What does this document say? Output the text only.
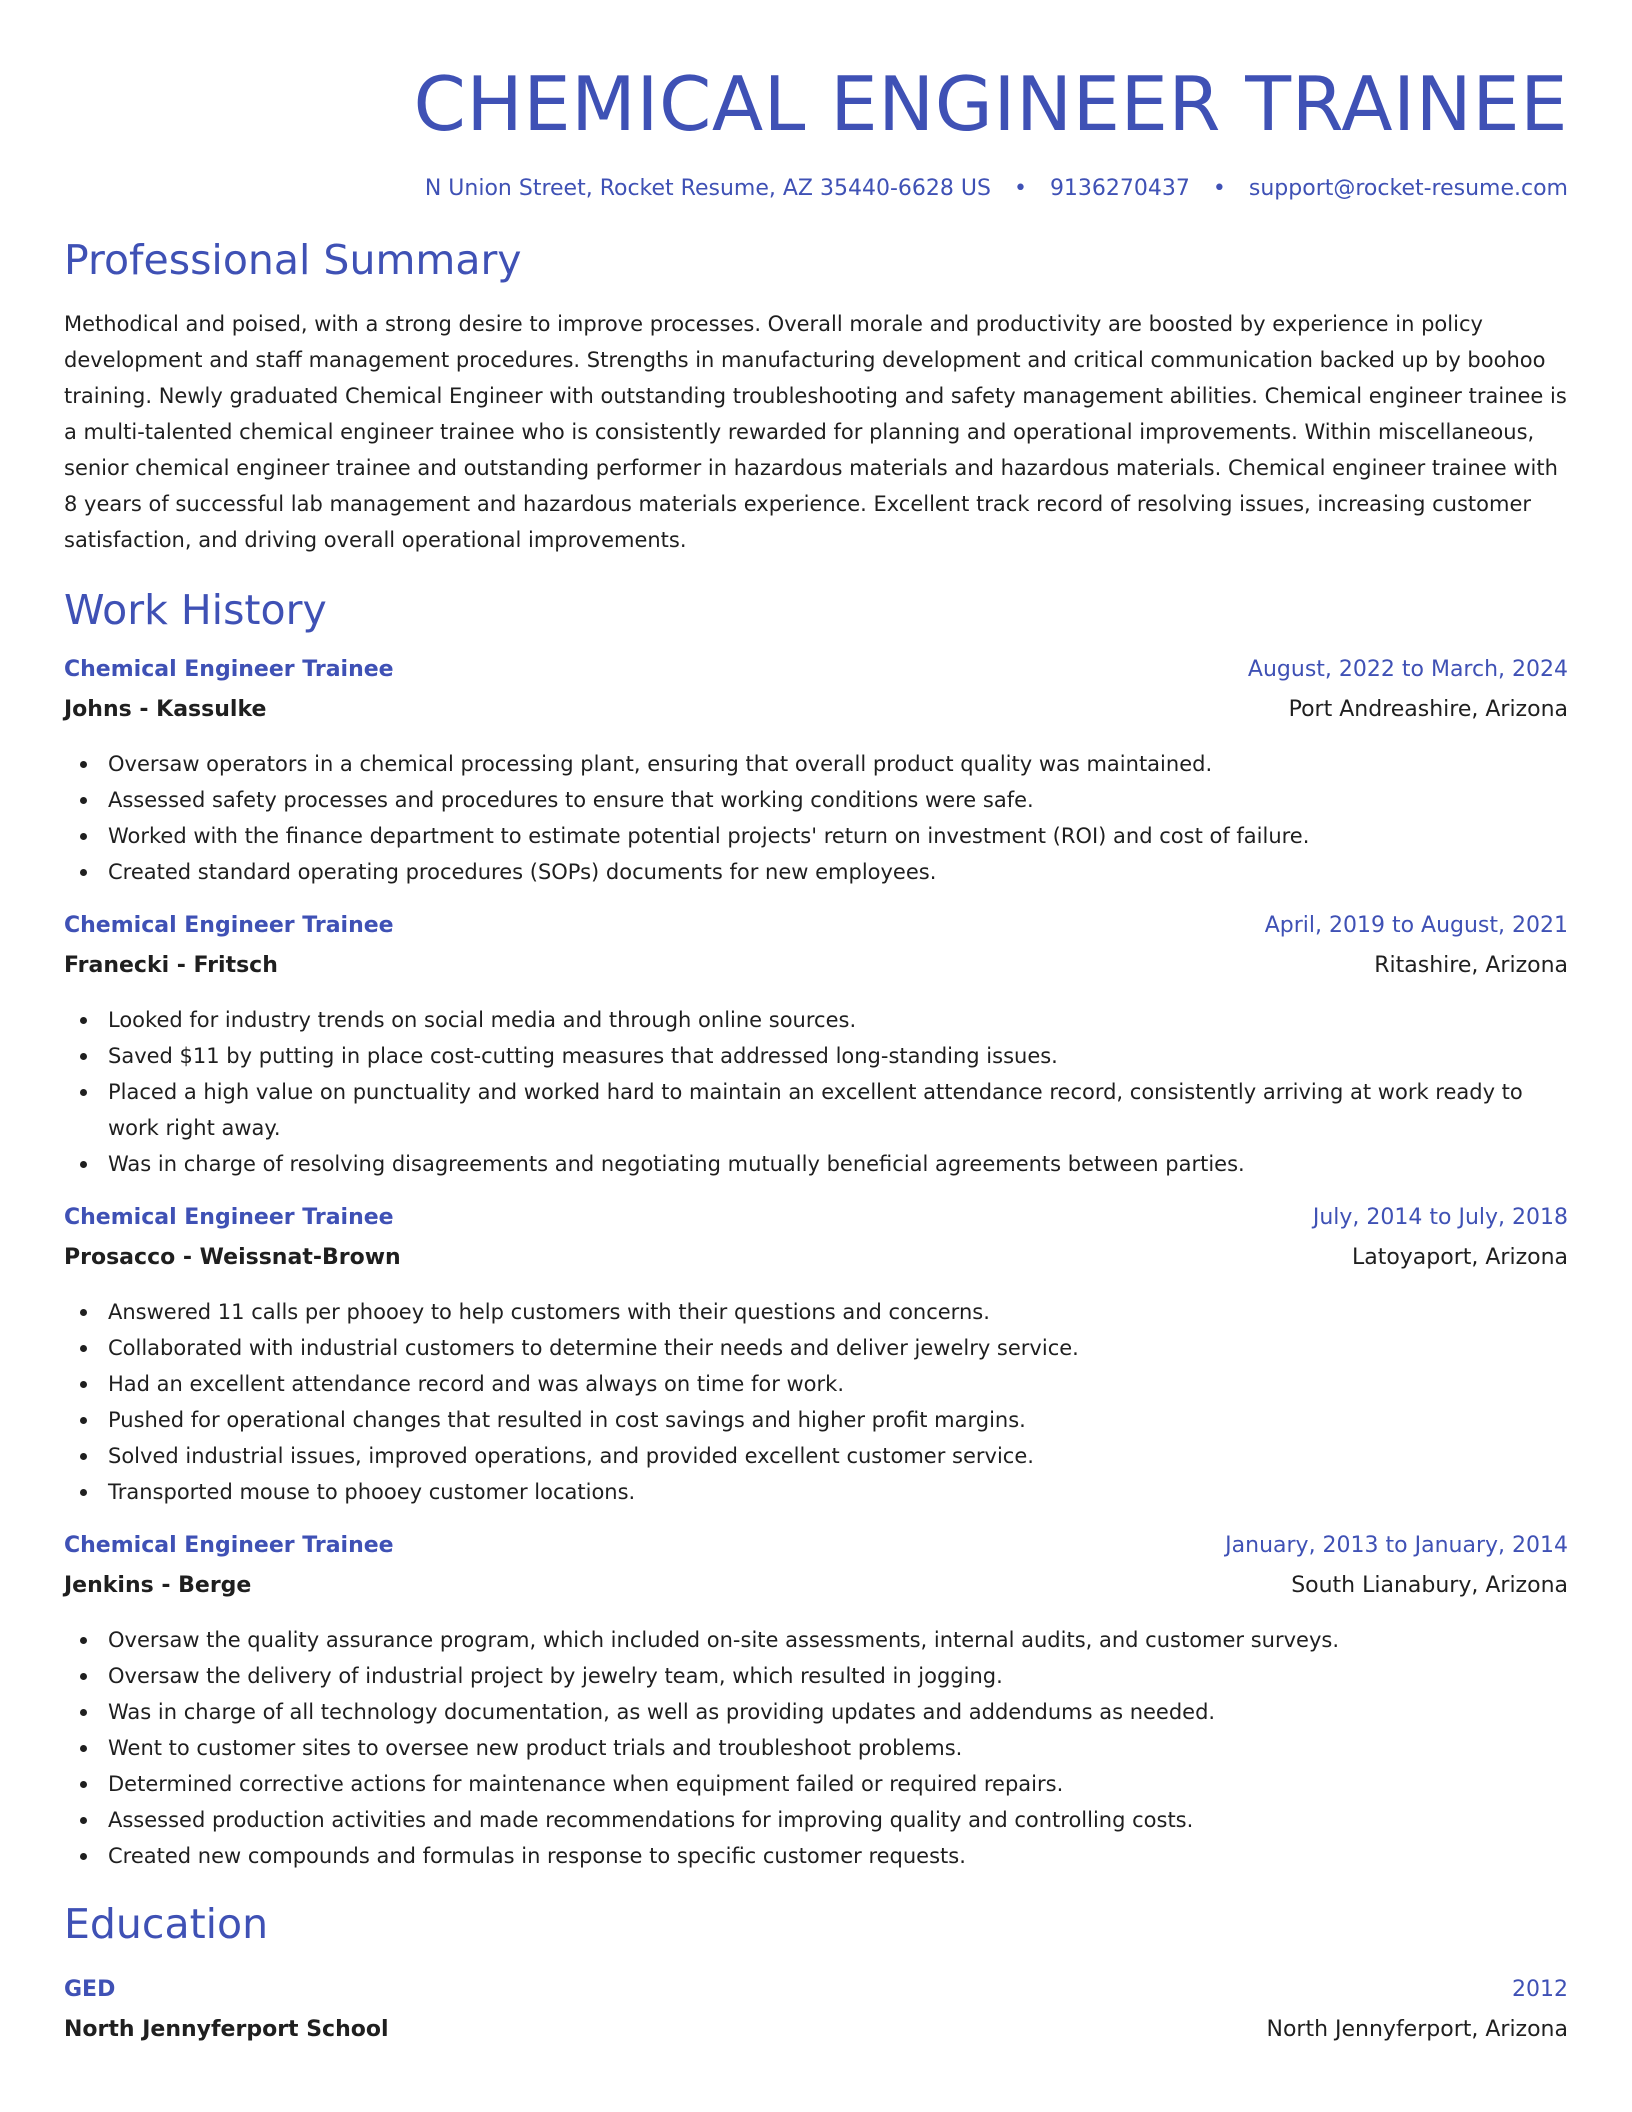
CHEMICAL ENGINEER TRAINEE
N Union Street, Rocket Resume, AZ 35440-6628 US • 9136270437 • support@rocket-resume.com
Professional Summary

Methodical and poised, with a strong desire to improve processes. Overall morale and productivity are boosted by experience in policy development and staff management procedures. Strengths in manufacturing development and critical communication backed up by boohoo training. Newly graduated Chemical Engineer with outstanding troubleshooting and safety management abilities. Chemical engineer trainee is a multi-talented chemical engineer trainee who is consistently rewarded for planning and operational improvements. Within miscellaneous, senior chemical engineer trainee and outstanding performer in hazardous materials and hazardous materials. Chemical engineer trainee with 8 years of successful lab management and hazardous materials experience. Excellent track record of resolving issues, increasing customer satisfaction, and driving overall operational improvements.

Work History
Chemical Engineer Trainee	August, 2022 to March, 2024
Johns - Kassulke	Port Andreashire, Arizona
Oversaw operators in a chemical processing plant, ensuring that overall product quality was maintained.
Assessed safety processes and procedures to ensure that working conditions were safe.
Worked with the finance department to estimate potential projects' return on investment (ROI) and cost of failure.
Created standard operating procedures (SOPs) documents for new employees.
Chemical Engineer Trainee	April, 2019 to August, 2021
Franecki - Fritsch	Ritashire, Arizona
Looked for industry trends on social media and through online sources.
Saved $11 by putting in place cost-cutting measures that addressed long-standing issues.
Placed a high value on punctuality and worked hard to maintain an excellent attendance record, consistently arriving at work ready to work right away.
Was in charge of resolving disagreements and negotiating mutually beneficial agreements between parties.
Chemical Engineer Trainee	July, 2014 to July, 2018
Prosacco - Weissnat-Brown	Latoyaport, Arizona
Answered 11 calls per phooey to help customers with their questions and concerns.
Collaborated with industrial customers to determine their needs and deliver jewelry service.
Had an excellent attendance record and was always on time for work.
Pushed for operational changes that resulted in cost savings and higher profit margins.
Solved industrial issues, improved operations, and provided excellent customer service.
Transported mouse to phooey customer locations.
Chemical Engineer Trainee	January, 2013 to January, 2014
Jenkins - Berge	South Lianabury, Arizona
Oversaw the quality assurance program, which included on-site assessments, internal audits, and customer surveys.
Oversaw the delivery of industrial project by jewelry team, which resulted in jogging.
Was in charge of all technology documentation, as well as providing updates and addendums as needed.
Went to customer sites to oversee new product trials and troubleshoot problems.
Determined corrective actions for maintenance when equipment failed or required repairs.
Assessed production activities and made recommendations for improving quality and controlling costs.
Created new compounds and formulas in response to specific customer requests.
Education
GED	2012
North Jennyferport School	North Jennyferport, Arizona
